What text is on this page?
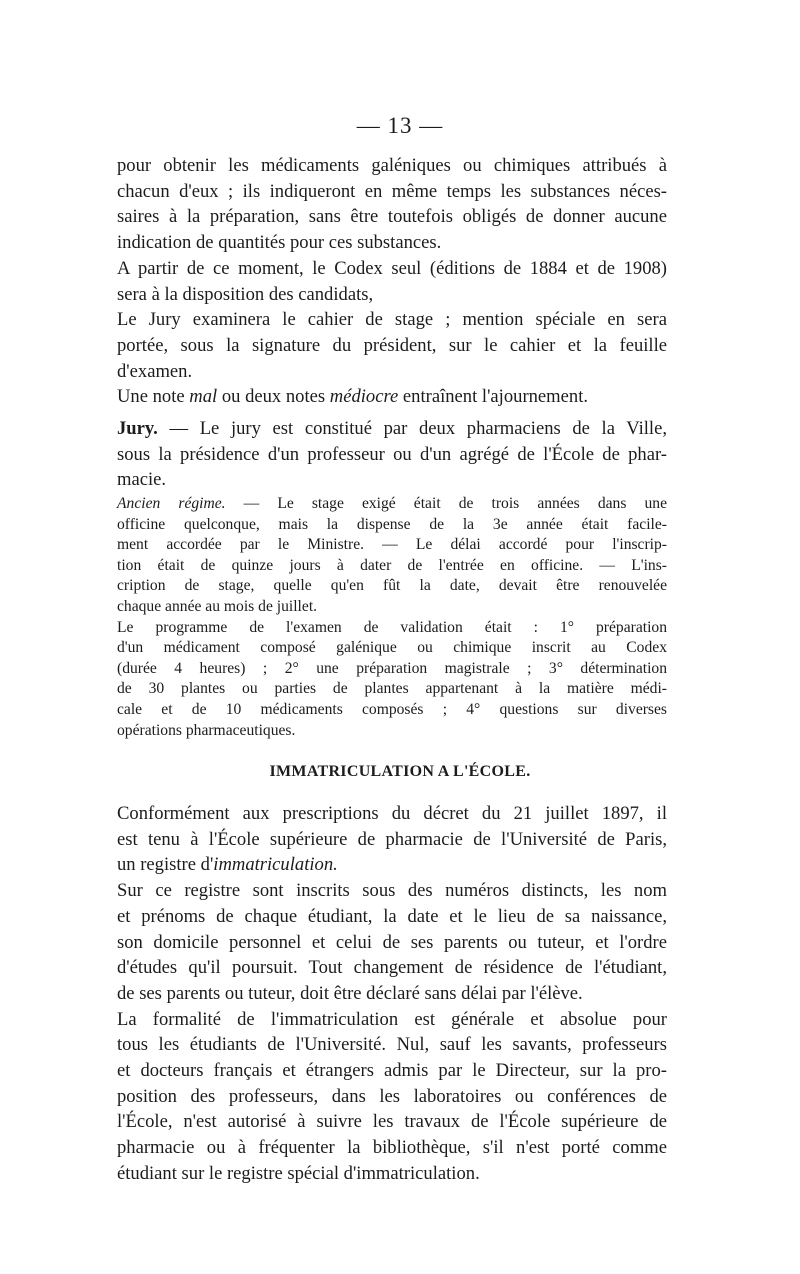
— 13 —
pour obtenir les médicaments galéniques ou chimiques attribués à
chacun d'eux ; ils indiqueront en même temps les substances néces-
saires à la préparation, sans être toutefois obligés de donner aucune
indication de quantités pour ces substances.
A partir de ce moment, le Codex seul (éditions de 1884 et de 1908)
sera à la disposition des candidats,
Le Jury examinera le cahier de stage ; mention spéciale en sera
portée, sous la signature du président, sur le cahier et la feuille
d'examen.
Une note mal ou deux notes médiocre entraînent l'ajournement.
Jury. — Le jury est constitué par deux pharmaciens de la Ville,
sous la présidence d'un professeur ou d'un agrégé de l'École de phar-
macie.
Ancien régime. — Le stage exigé était de trois années dans une
officine quelconque, mais la dispense de la 3e année était facile-
ment accordée par le Ministre. — Le délai accordé pour l'inscrip-
tion était de quinze jours à dater de l'entrée en officine. — L'ins-
cription de stage, quelle qu'en fût la date, devait être renouvelée
chaque année au mois de juillet.
Le programme de l'examen de validation était : 1° préparation
d'un médicament composé galénique ou chimique inscrit au Codex
(durée 4 heures) ; 2° une préparation magistrale ; 3° détermination
de 30 plantes ou parties de plantes appartenant à la matière médi-
cale et de 10 médicaments composés ; 4° questions sur diverses
opérations pharmaceutiques.
IMMATRICULATION A L'ÉCOLE.
Conformément aux prescriptions du décret du 21 juillet 1897, il
est tenu à l'École supérieure de pharmacie de l'Université de Paris,
un registre d'immatriculation.
Sur ce registre sont inscrits sous des numéros distincts, les nom
et prénoms de chaque étudiant, la date et le lieu de sa naissance,
son domicile personnel et celui de ses parents ou tuteur, et l'ordre
d'études qu'il poursuit. Tout changement de résidence de l'étudiant,
de ses parents ou tuteur, doit être déclaré sans délai par l'élève.
La formalité de l'immatriculation est générale et absolue pour
tous les étudiants de l'Université. Nul, sauf les savants, professeurs
et docteurs français et étrangers admis par le Directeur, sur la pro-
position des professeurs, dans les laboratoires ou conférences de
l'École, n'est autorisé à suivre les travaux de l'École supérieure de
pharmacie ou à fréquenter la bibliothèque, s'il n'est porté comme
étudiant sur le registre spécial d'immatriculation.
